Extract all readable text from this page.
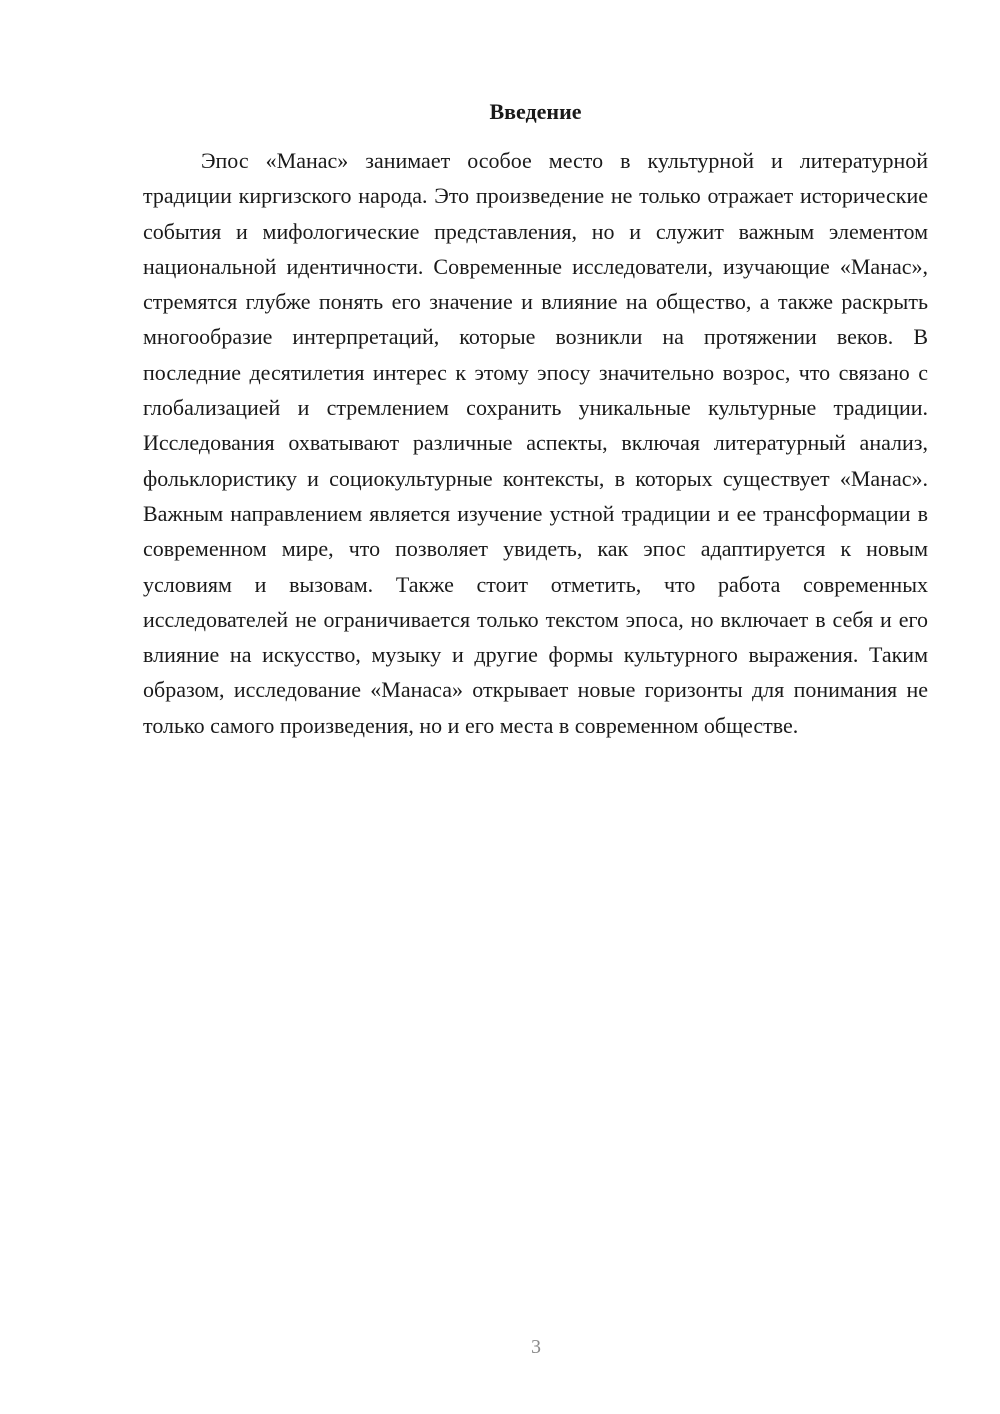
Введение

Эпос «Манас» занимает особое место в культурной и литературной традиции киргизского народа. Это произведение не только отражает исторические события и мифологические представления, но и служит важным элементом национальной идентичности. Современные исследователи, изучающие «Манас», стремятся глубже понять его значение и влияние на общество, а также раскрыть многообразие интерпретаций, которые возникли на протяжении веков. В последние десятилетия интерес к этому эпосу значительно возрос, что связано с глобализацией и стремлением сохранить уникальные культурные традиции. Исследования охватывают различные аспекты, включая литературный анализ, фольклористику и социокультурные контексты, в которых существует «Манас». Важным направлением является изучение устной традиции и ее трансформации в современном мире, что позволяет увидеть, как эпос адаптируется к новым условиям и вызовам. Также стоит отметить, что работа современных исследователей не ограничивается только текстом эпоса, но включает в себя и его влияние на искусство, музыку и другие формы культурного выражения. Таким образом, исследование «Манаса» открывает новые горизонты для понимания не только самого произведения, но и его места в современном обществе.

3
